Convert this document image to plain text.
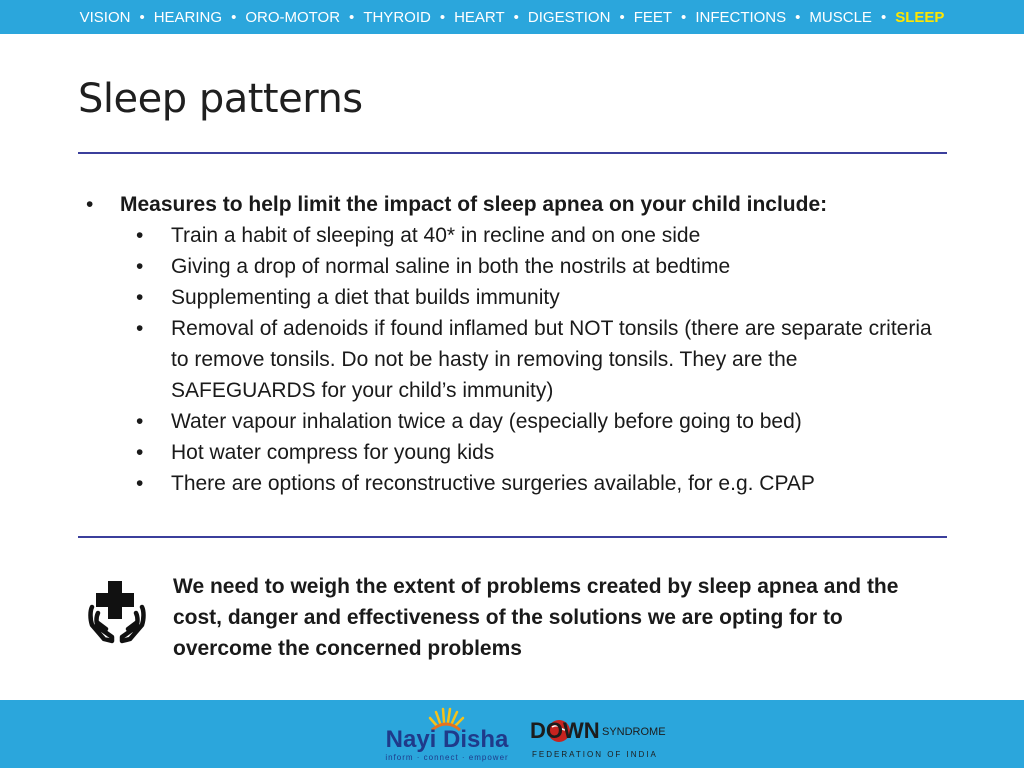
VISION • HEARING • ORO-MOTOR • THYROID • HEART • DIGESTION • FEET • INFECTIONS • MUSCLE • SLEEP
Sleep patterns
• Measures to help limit the impact of sleep apnea on your child include:
• Train a habit of sleeping at 40* in recline and on one side
• Giving a drop of normal saline in both the nostrils at bedtime
• Supplementing a diet that builds immunity
• Removal of adenoids if found inflamed but NOT tonsils (there are separate criteria to remove tonsils. Do not be hasty in removing tonsils. They are the SAFEGUARDS for your child’s immunity)
• Water vapour inhalation twice a day (especially before going to bed)
• Hot water compress for young kids
• There are options of reconstructive surgeries available, for e.g. CPAP

We need to weigh the extent of problems created by sleep apnea and the cost, danger and effectiveness of the solutions we are opting for to overcome the concerned problems

Nayi Disha
inform · connect · empower
DOWN SYNDROME
FEDERATION OF INDIA
